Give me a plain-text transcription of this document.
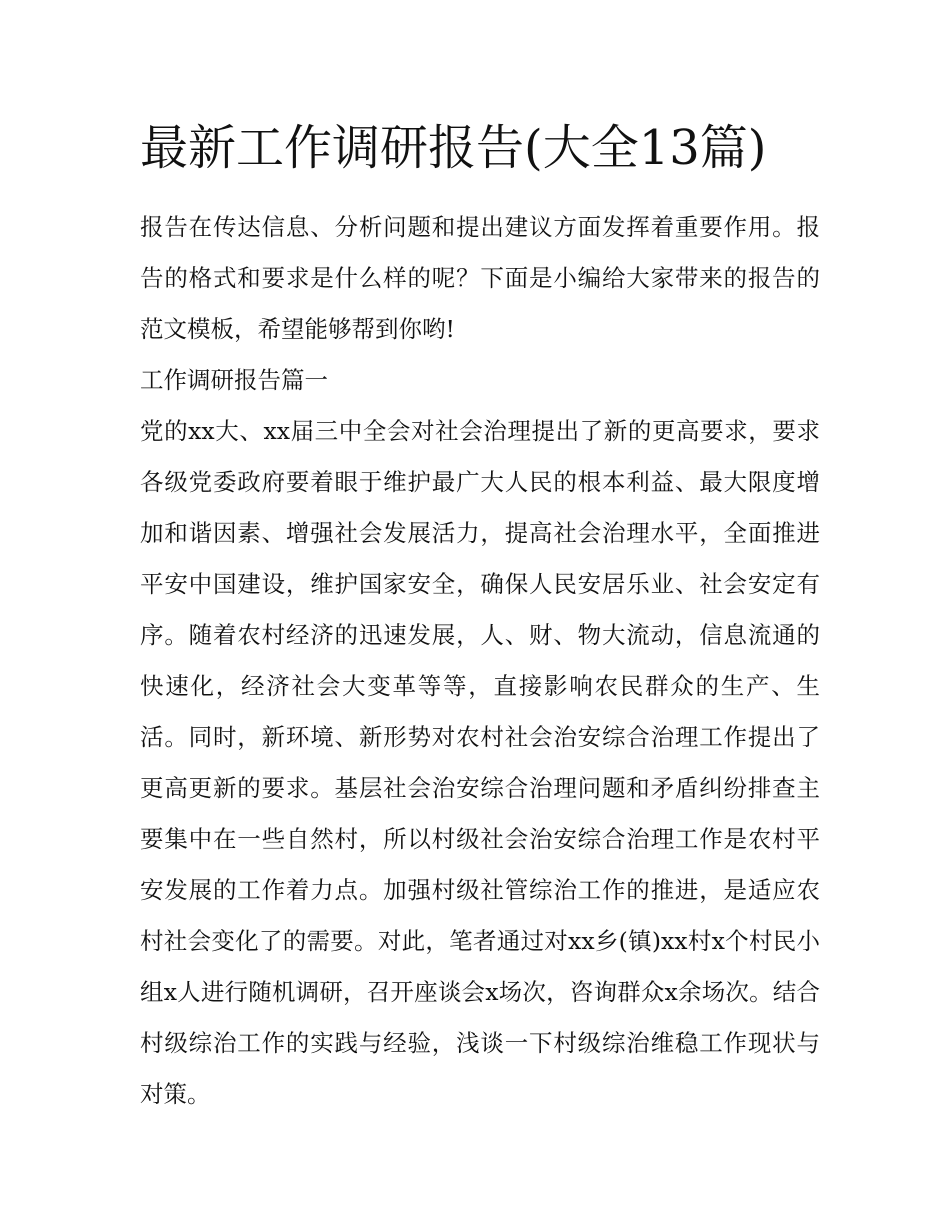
最新工作调研报告(大全13篇)

报告在传达信息、分析问题和提出建议方面发挥着重要作用。报告的格式和要求是什么样的呢？下面是小编给大家带来的报告的范文模板，希望能够帮到你哟!

工作调研报告篇一

党的xx大、xx届三中全会对社会治理提出了新的更高要求，要求各级党委政府要着眼于维护最广大人民的根本利益、最大限度增加和谐因素、增强社会发展活力，提高社会治理水平，全面推进平安中国建设，维护国家安全，确保人民安居乐业、社会安定有序。随着农村经济的迅速发展，人、财、物大流动，信息流通的快速化，经济社会大变革等等，直接影响农民群众的生产、生活。同时，新环境、新形势对农村社会治安综合治理工作提出了更高更新的要求。基层社会治安综合治理问题和矛盾纠纷排查主要集中在一些自然村，所以村级社会治安综合治理工作是农村平安发展的工作着力点。加强村级社管综治工作的推进，是适应农村社会变化了的需要。对此，笔者通过对xx乡(镇)xx村x个村民小组x人进行随机调研，召开座谈会x场次，咨询群众x余场次。结合村级综治工作的实践与经验，浅谈一下村级综治维稳工作现状与对策。
